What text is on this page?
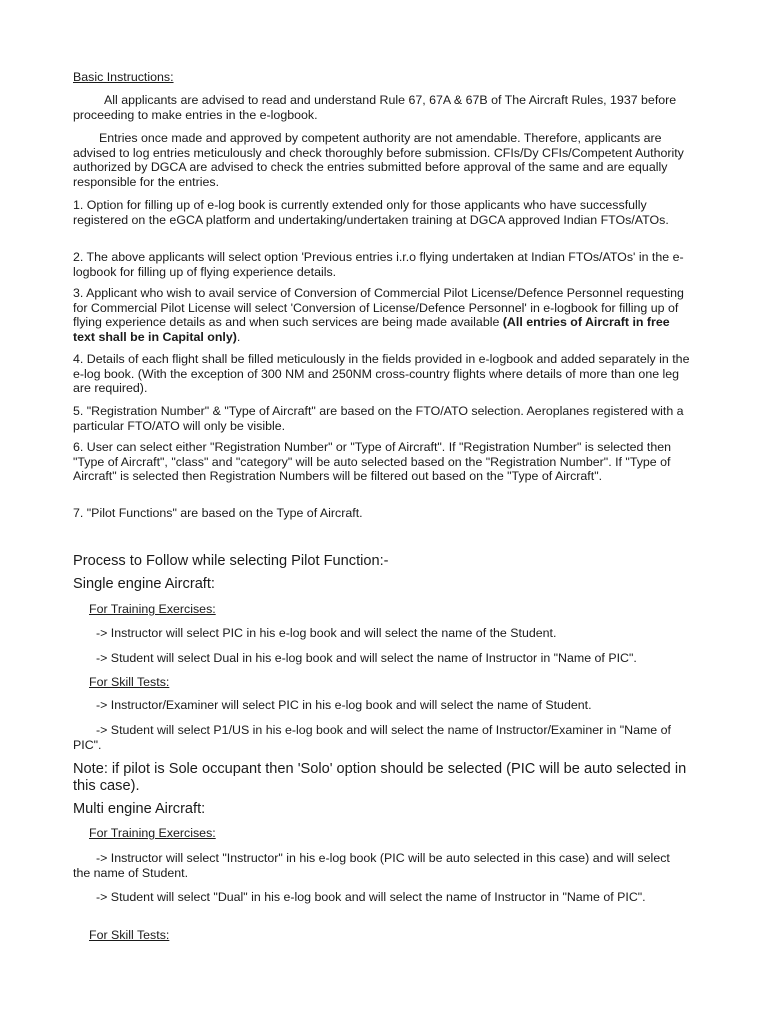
Basic Instructions:

All applicants are advised to read and understand Rule 67, 67A & 67B of The Aircraft Rules, 1937 before proceeding to make entries in the e-logbook.

Entries once made and approved by competent authority are not amendable. Therefore, applicants are advised to log entries meticulously and check thoroughly before submission. CFIs/Dy CFIs/Competent Authority authorized by DGCA are advised to check the entries submitted before approval of the same and are equally responsible for the entries.

1. Option for filling up of e-log book is currently extended only for those applicants who have successfully registered on the eGCA platform and undertaking/undertaken training at DGCA approved Indian FTOs/ATOs.

2. The above applicants will select option 'Previous entries i.r.o flying undertaken at Indian FTOs/ATOs' in the e-logbook for filling up of flying experience details.

3. Applicant who wish to avail service of Conversion of Commercial Pilot License/Defence Personnel requesting for Commercial Pilot License will select 'Conversion of License/Defence Personnel' in e-logbook for filling up of flying experience details as and when such services are being made available (All entries of Aircraft in free text shall be in Capital only).

4. Details of each flight shall be filled meticulously in the fields provided in e-logbook and added separately in the e-log book. (With the exception of 300 NM and 250NM cross-country flights where details of more than one leg are required).

5. "Registration Number" & "Type of Aircraft" are based on the FTO/ATO selection. Aeroplanes registered with a particular FTO/ATO will only be visible.

6. User can select either "Registration Number" or "Type of Aircraft". If "Registration Number" is selected then "Type of Aircraft", "class" and "category" will be auto selected based on the "Registration Number". If "Type of Aircraft" is selected then Registration Numbers will be filtered out based on the "Type of Aircraft".

7. "Pilot Functions" are based on the Type of Aircraft.

Process to Follow while selecting Pilot Function:-

Single engine Aircraft:

For Training Exercises:

-> Instructor will select PIC in his e-log book and will select the name of the Student.

-> Student will select Dual in his e-log book and will select the name of Instructor in "Name of PIC".

For Skill Tests:

-> Instructor/Examiner will select PIC in his e-log book and will select the name of Student.

-> Student will select P1/US in his e-log book and will select the name of Instructor/Examiner in "Name of PIC".

Note: if pilot is Sole occupant then 'Solo' option should be selected (PIC will be auto selected in this case).

Multi engine Aircraft:

For Training Exercises:

-> Instructor will select "Instructor" in his e-log book (PIC will be auto selected in this case) and will select the name of Student.

-> Student will select "Dual" in his e-log book and will select the name of Instructor in "Name of PIC".

For Skill Tests:
